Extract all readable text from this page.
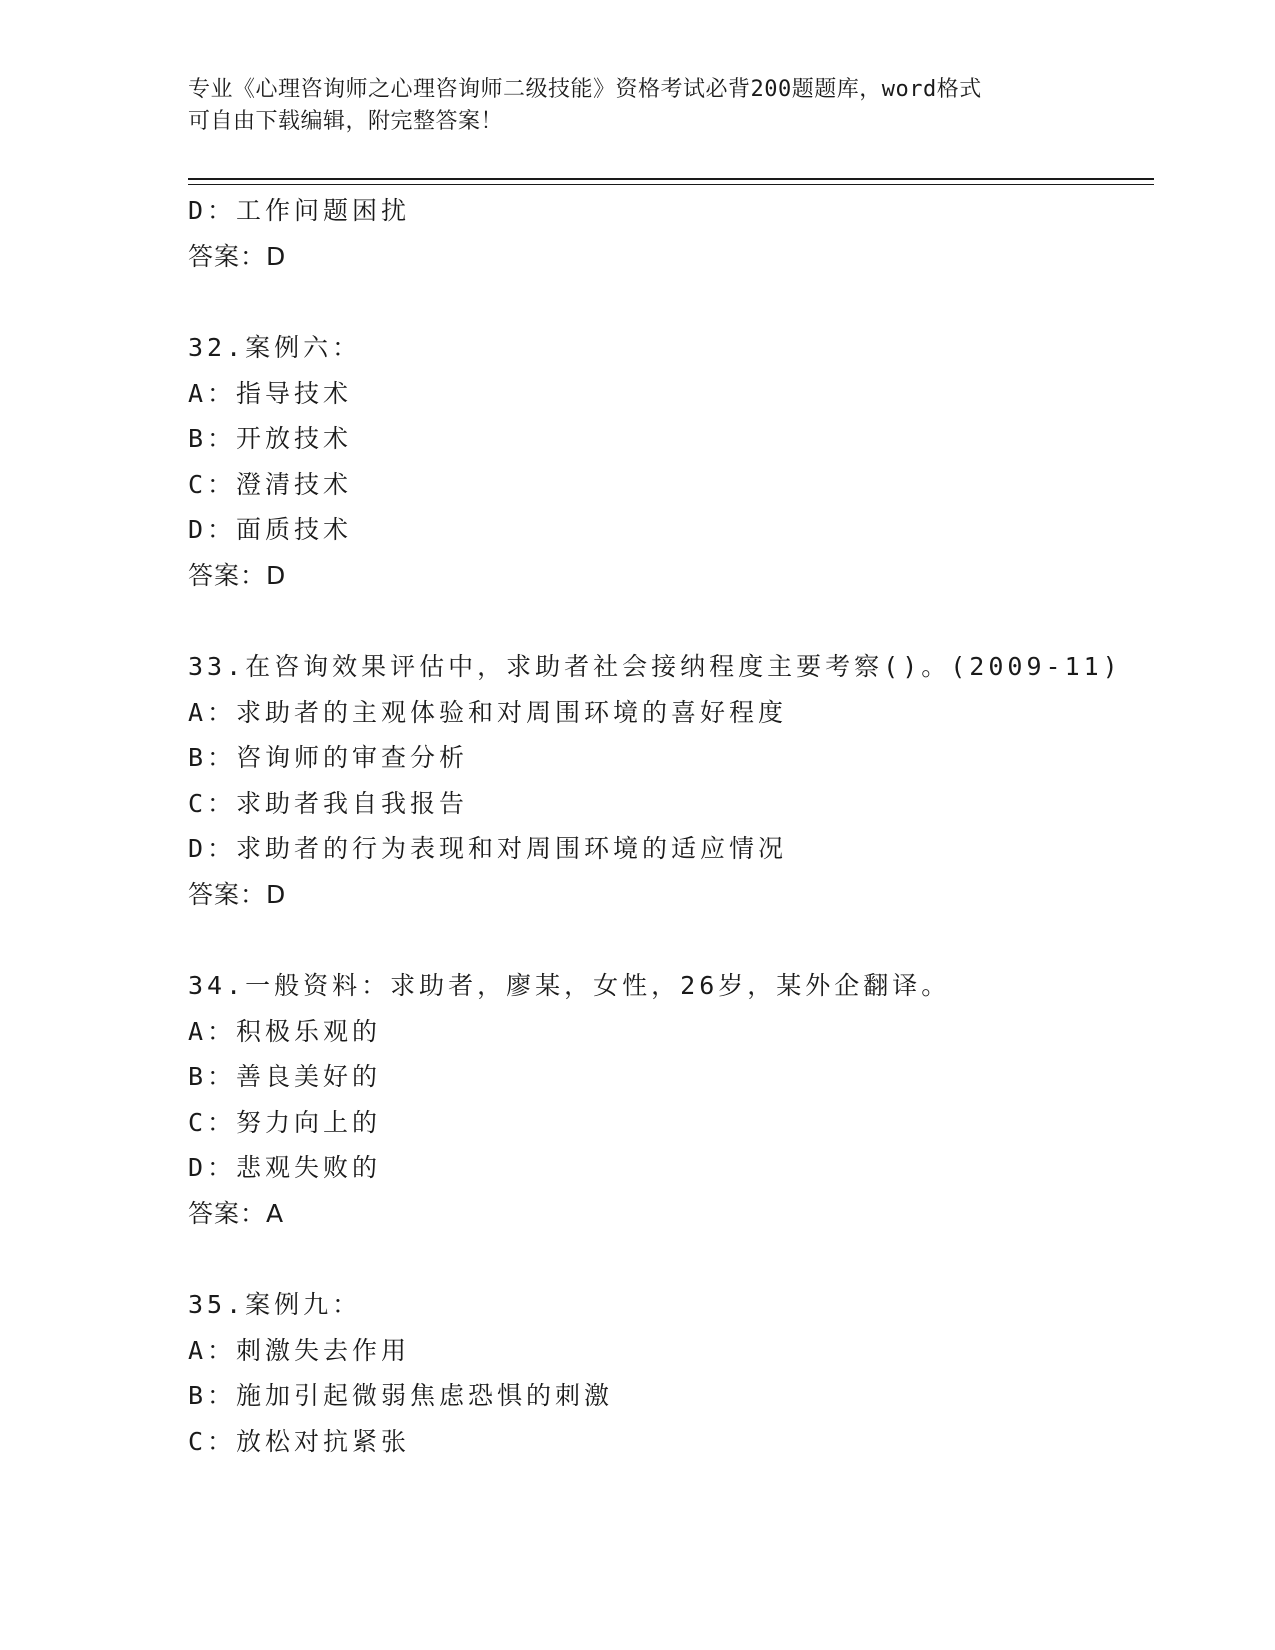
专业《心理咨询师之心理咨询师二级技能》资格考试必背200题题库，word格式
可自由下载编辑，附完整答案！
D：工作问题困扰
答案：D
32.案例六：
A：指导技术
B：开放技术
C：澄清技术
D：面质技术
答案：D
33.在咨询效果评估中，求助者社会接纳程度主要考察()。(2009-11)
A：求助者的主观体验和对周围环境的喜好程度
B：咨询师的审查分析
C：求助者我自我报告
D：求助者的行为表现和对周围环境的适应情况
答案：D
34.一般资料：求助者，廖某，女性，26岁，某外企翻译。
A：积极乐观的
B：善良美好的
C：努力向上的
D：悲观失败的
答案：A
35.案例九：
A：刺激失去作用
B：施加引起微弱焦虑恐惧的刺激
C：放松对抗紧张
